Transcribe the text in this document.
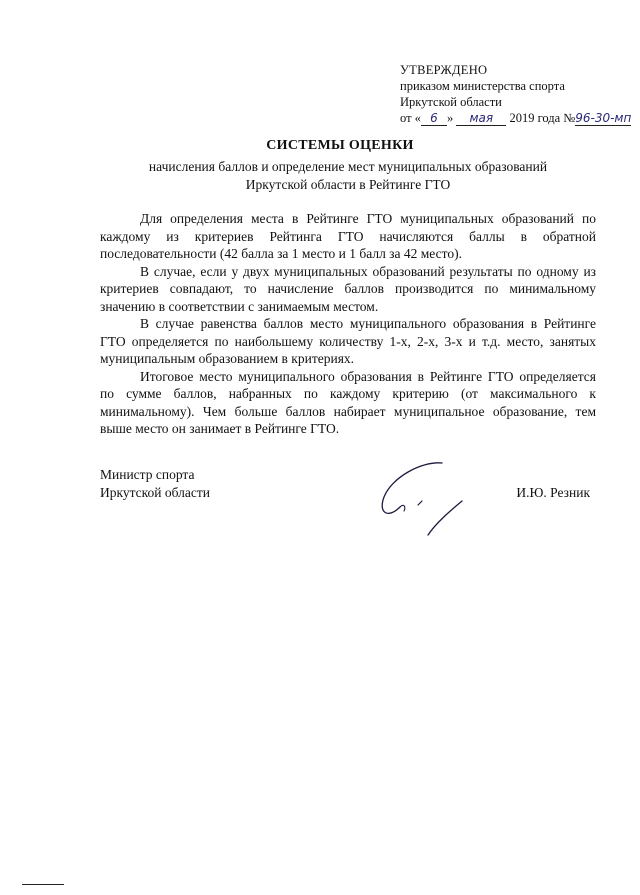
УТВЕРЖДЕНО
приказом министерства спорта
Иркутской области
от « 6 » мая 2019 года №96-30-мп
СИСТЕМЫ ОЦЕНКИ
начисления баллов и определение мест муниципальных образований
Иркутской области в Рейтинге ГТО

Для определения места в Рейтинге ГТО муниципальных образований по каждому из критериев Рейтинга ГТО начисляются баллы в обратной последовательности (42 балла за 1 место и 1 балл за 42 место).

В случае, если у двух муниципальных образований результаты по одному из критериев совпадают, то начисление баллов производится по минимальному значению в соответствии с занимаемым местом.

В случае равенства баллов место муниципального образования в Рейтинге ГТО определяется по наибольшему количеству 1-х, 2-х, 3-х и т.д. место, занятых муниципальным образованием в критериях.

Итоговое место муниципального образования в Рейтинге ГТО определяется по сумме баллов, набранных по каждому критерию (от максимального к минимальному). Чем больше баллов набирает муниципальное образование, тем выше место он занимает в Рейтинге ГТО.

Министр спорта
Иркутской области	И.Ю. Резник
